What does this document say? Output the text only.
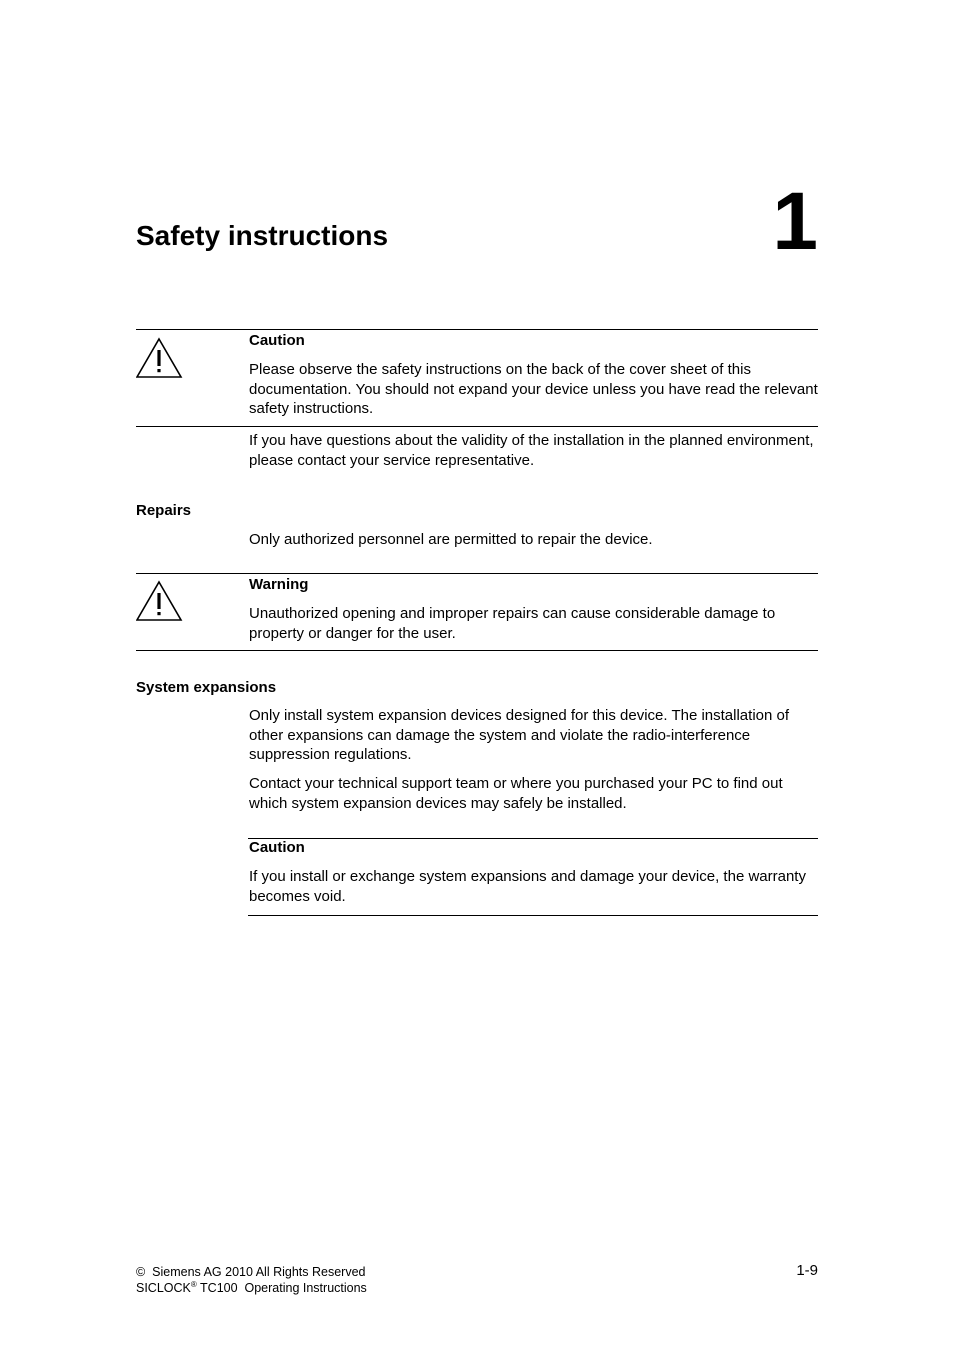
Safety instructions	1
Caution

Please observe the safety instructions on the back of the cover sheet of this documentation. You should not expand your device unless you have read the relevant safety instructions.

If you have questions about the validity of the installation in the planned environment, please contact your service representative.

Repairs

Only authorized personnel are permitted to repair the device.

Warning

Unauthorized opening and improper repairs can cause considerable damage to property or danger for the user.

System expansions

Only install system expansion devices designed for this device. The installation of other expansions can damage the system and violate the radio-interference suppression regulations.

Contact your technical support team or where you purchased your PC to find out which system expansion devices may safely be installed.

Caution

If you install or exchange system expansions and damage your device, the warranty becomes void.

© Siemens AG 2010 All Rights Reserved
SICLOCK® TC100  Operating Instructions
1-9
